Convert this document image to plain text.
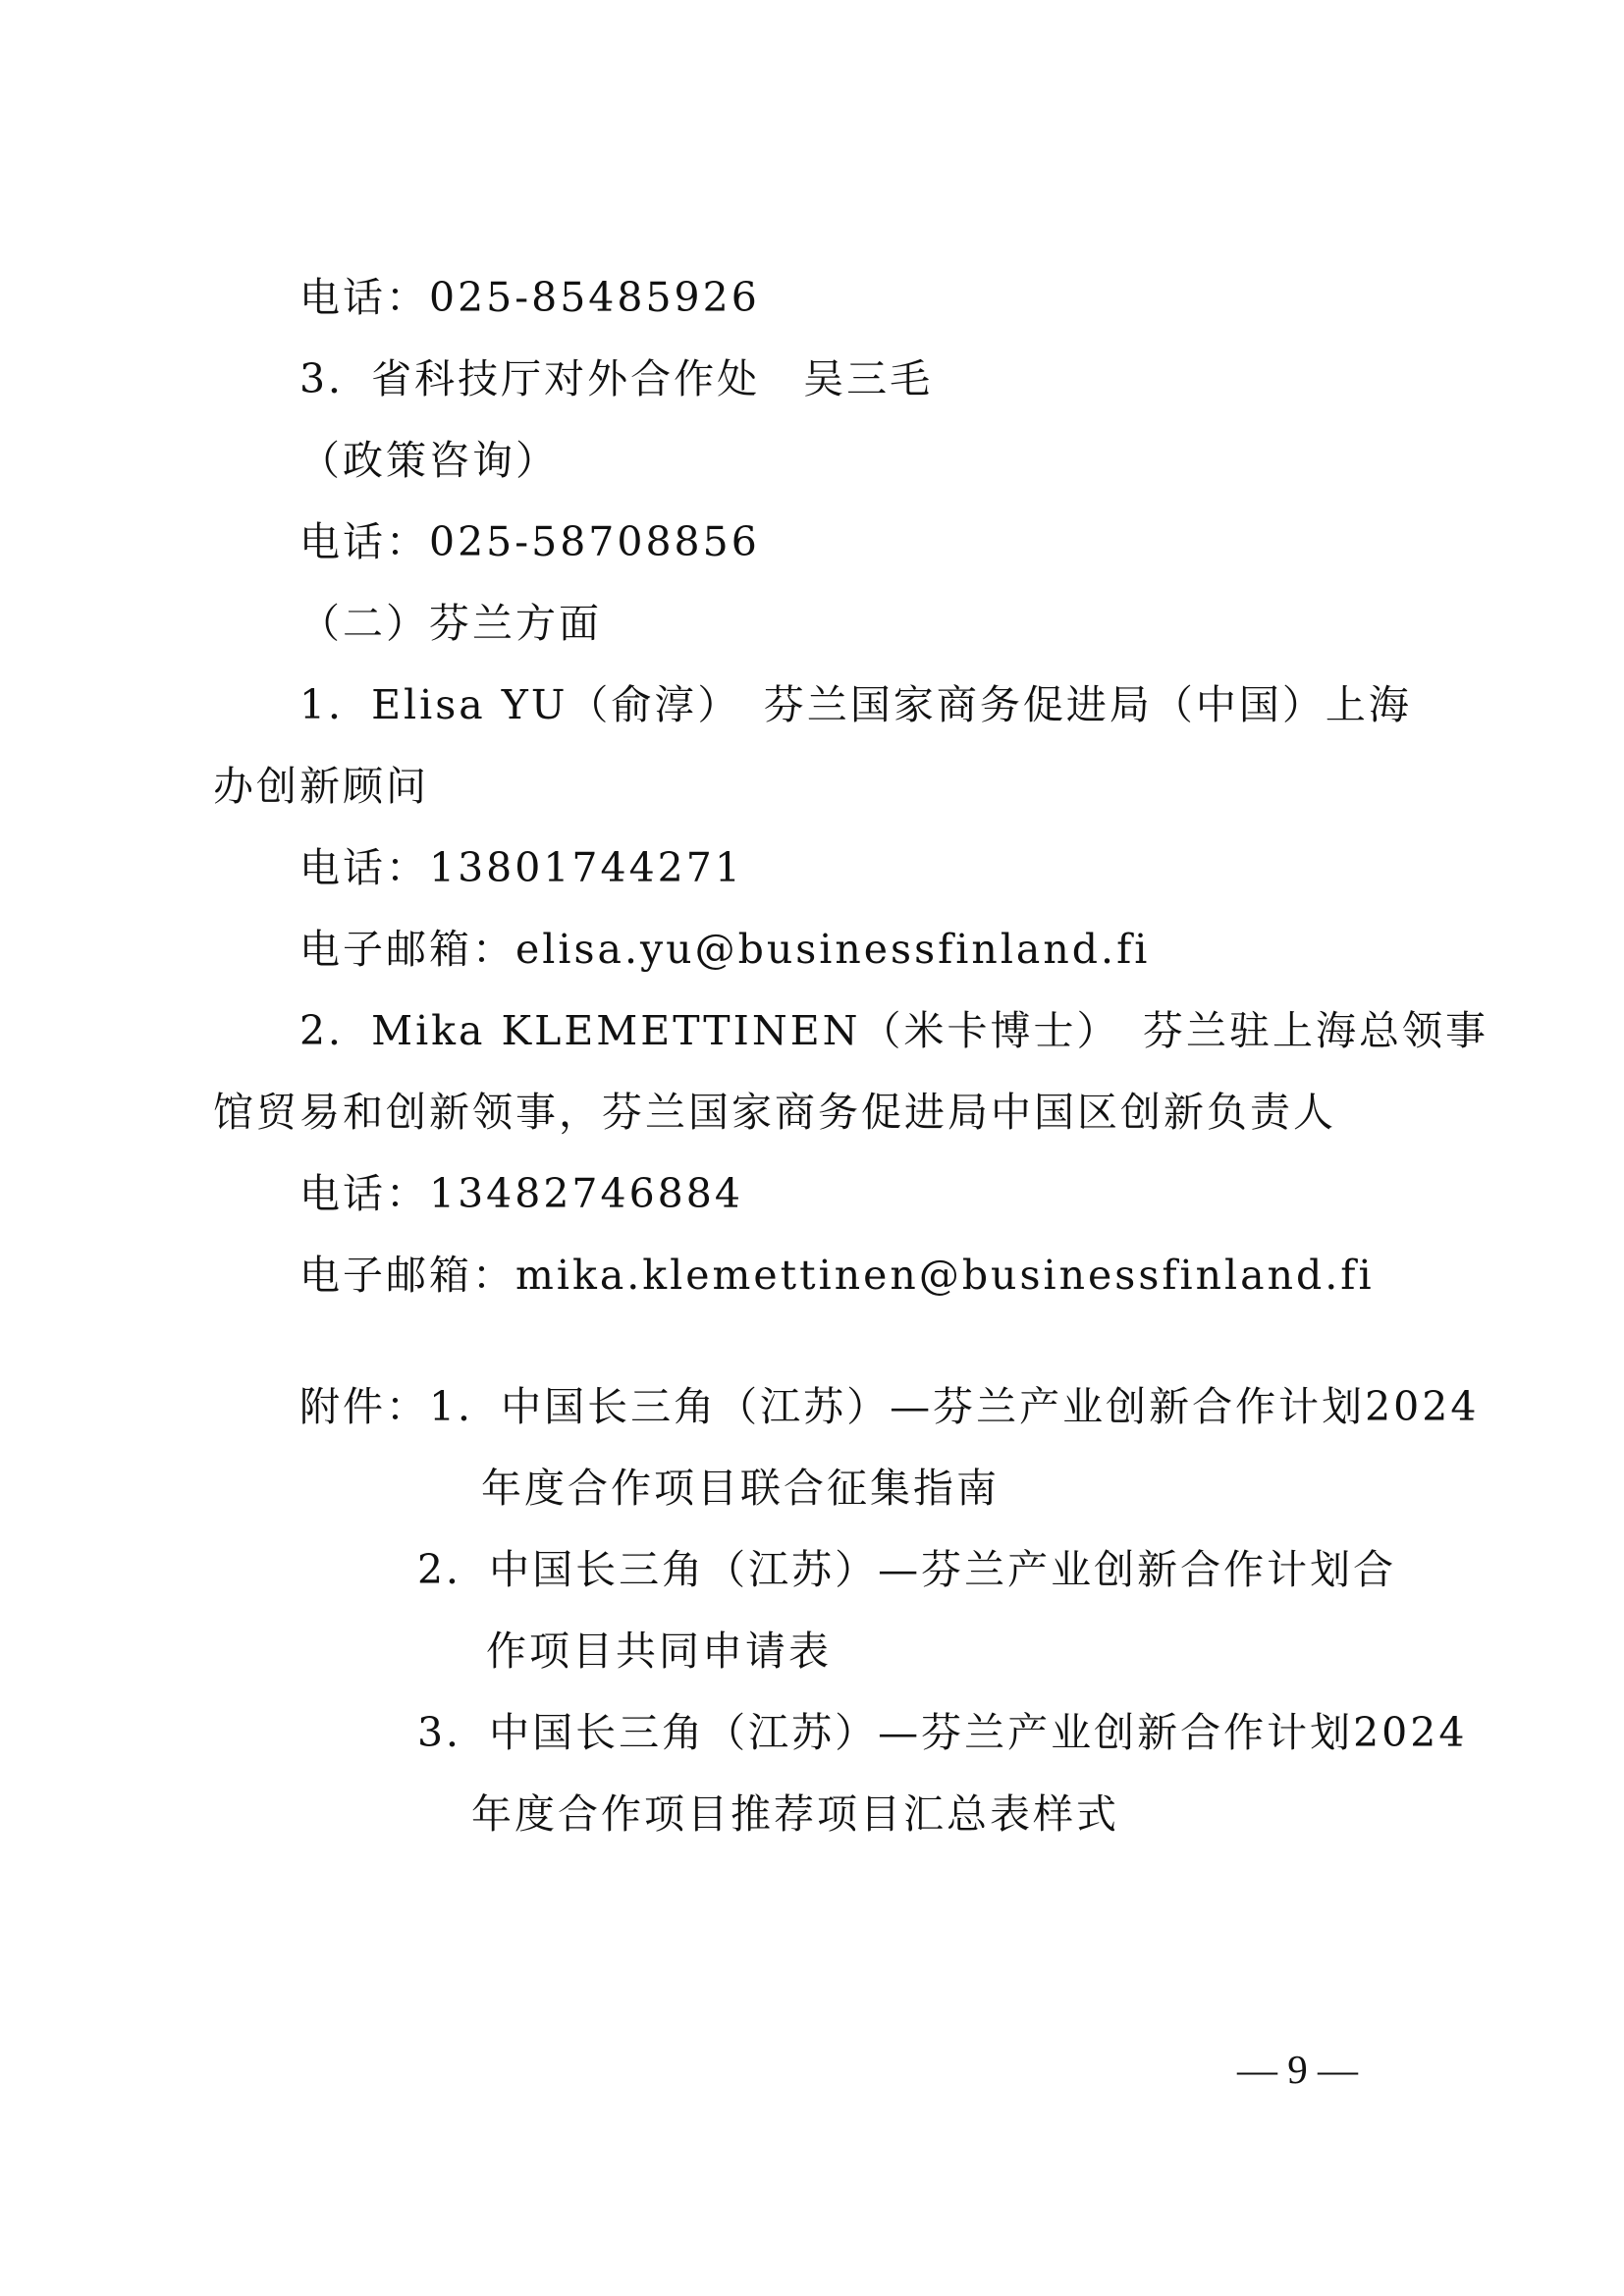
电话：025-85485926
3．省科技厅对外合作处　吴三毛
（政策咨询）
电话：025-58708856
（二）芬兰方面
1．Elisa YU（俞淳）　芬兰国家商务促进局（中国）上海
办创新顾问
电话：13801744271
电子邮箱：elisa.yu@businessfinland.fi
2．Mika KLEMETTINEN（米卡博士）　芬兰驻上海总领事
馆贸易和创新领事，芬兰国家商务促进局中国区创新负责人
电话：13482746884
电子邮箱：mika.klemettinen@businessfinland.fi
附件：1．中国长三角（江苏）—芬兰产业创新合作计划2024
年度合作项目联合征集指南
2．中国长三角（江苏）—芬兰产业创新合作计划合
作项目共同申请表
3．中国长三角（江苏）—芬兰产业创新合作计划2024
年度合作项目推荐项目汇总表样式
— 9 —
